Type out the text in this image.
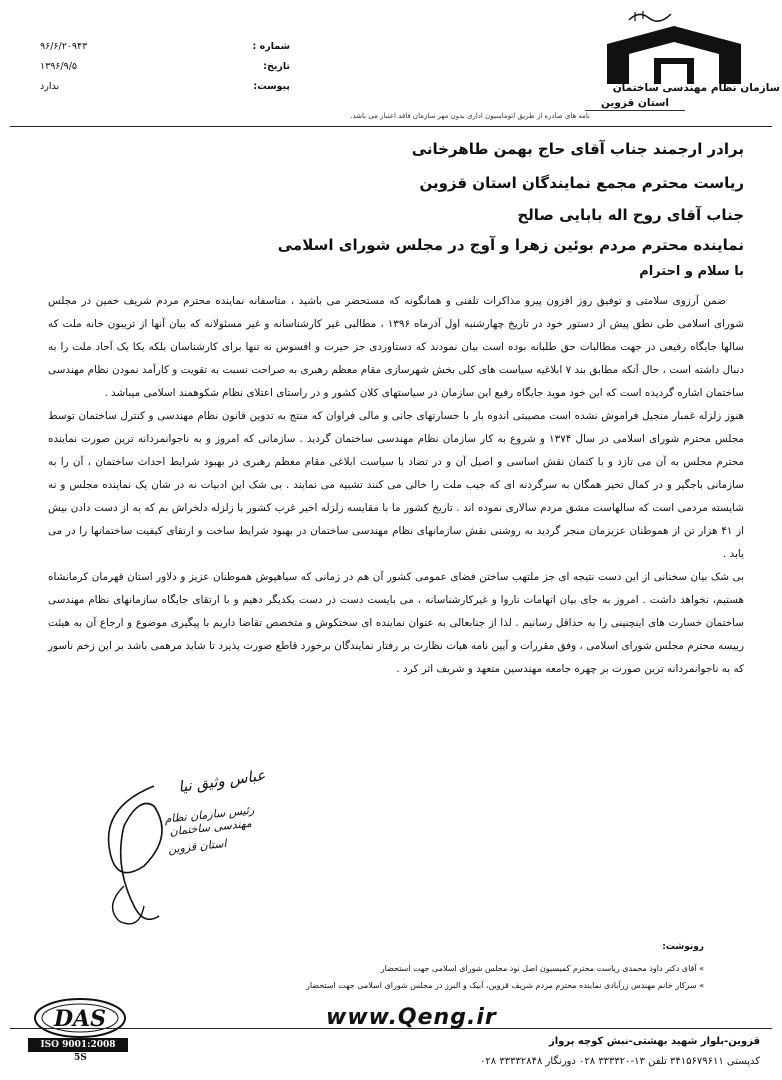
سازمان نظام مهندسی ساختمان
استان قزوین
شماره :
۹۶/۶/۲۰۹۴۳
تاریخ:
۱۳۹۶/۹/۵
پیوست:
ندارد
نامه های صادره از طریق اتوماسیون اداری بدون مهر سازمان فاقد اعتبار می باشد.
برادر ارجمند جناب آقای حاج بهمن طاهرخانی
ریاست محترم مجمع نمایندگان استان قزوین
جناب آقای روح اله بابایی صالح
نماینده محترم مردم بوئین زهرا و آوج در مجلس شورای اسلامی
با سلام و احترام

ضمن آرزوی سلامتی و توفیق روز افزون پیرو مذاکرات تلفنی و همانگونه که مستحضر می باشید ، متاسفانه نماینده محترم مردم شریف خمین در مجلس شورای اسلامی طی نطق پیش از دستور خود در تاریخ چهارشنبه اول آذرماه ۱۳۹۶ ، مطالبی غیر کارشناسانه و غیر مسئولانه که بیان آنها از تریبون خانه ملت که سالها جایگاه رفیعی در جهت مطالبات حق طلبانه بوده است بیان نمودند که دستاوردی جز حیرت و افسوس نه تنها برای کارشناسان بلکه یکا یک آحاد ملت را به دنبال داشته است ، حال آنکه مطابق بند ۷ ابلاغیه سیاست های کلی بخش شهرسازی مقام معظم رهبری به صراحت نسبت به تقویت و کارآمد نمودن نظام مهندسی ساختمان اشاره گردیده است که این خود موید جایگاه رفیع این سازمان در سیاستهای کلان کشور و در راستای اعتلای نظام شکوهمند اسلامی میباشد .

هنوز زلزله غمبار منجیل فراموش نشده است مصیبتی اندوه بار با خسارتهای جانی و مالی فراوان که منتج به تدوین قانون نظام مهندسی و کنترل ساختمان توسط مجلس محترم شورای اسلامی در سال ۱۳۷۴ و شروع به کار سازمان نظام مهندسی ساختمان گردید . سازمانی که امروز و به ناجوانمردانه ترین صورت نماینده محترم مجلس به آن می تازد و با کتمان نقش اساسی و اصیل آن و در تضاد با سیاست ابلاغی مقام معظم رهبری در بهبود شرایط احداث ساختمان ، آن را به سازمانی باجگیر و در کمال تحیر همگان به سرگردنه ای که جیب ملت را خالی می کنند تشبیه می نمایند . بی شک این ادبیات نه در شان یک نماینده مجلس و نه شایسته مردمی است که سالهاست مشق مردم سالاری نموده اند . تاریخ کشور ما با مقایسه زلزله اخیر غرب کشور با زلزله دلخراش بم که به از دست دادن بیش از ۴۱ هزار تن از هموطنان عزیزمان منجر گردید به روشنی نقش سازمانهای نظام مهندسی ساختمان در بهبود شرایط ساخت و ارتقای کیفیت ساختمانها را در می یابد .

بی شک بیان سخنانی از این دست نتیجه ای جز ملتهب ساختن فضای عمومی کشور آن هم در زمانی که سیاهپوش هموطنان عزیز و دلاور استان قهرمان کرمانشاه هستیم، نخواهد داشت . امروز به جای بیان اتهامات ناروا و غیرکارشناسانه ، می بایست دست در دست یکدیگر دهیم و با ارتقای جایگاه سازمانهای نظام مهندسی ساختمان خسارت های اینچنینی را به حداقل رسانیم . لذا از جنابعالی به عنوان نماینده ای سختکوش و متخصص تقاضا داریم با پیگیری موضوع و ارجاع آن به هیئت رییسه محترم مجلس شورای اسلامی ، وفق مقررات و آیین نامه هیات نظارت بر رفتار نمایندگان برخورد قاطع صورت پذیرد تا شاید مرهمی باشد بر این زخم ناسور که به ناجوانمردانه ترین صورت بر چهره جامعه مهندسین متعهد و شریف اثر کرد .

عباس وثیق نیا
رئیس سازمان نظام مهندسی ساختمان
استان قزوین
رونوشت:
» آقای دکتر داود محمدی ریاست محترم کمیسیون اصل نود مجلس شورای اسلامی جهت استحضار
» سرکار خانم مهندس زرآبادی نماینده محترم مردم شریف قزوین، آبیک و البرز در مجلس شورای اسلامی جهت استحضار
DAS
ISO 9001:2008
5S
www.Qeng.ir
قزوین-بلوار شهید بهشتی-نبش کوچه پرواز
کدپستی ۳۴۱۵۶۷۹۶۱۱ تلفن ۱۳-۳۳۳۳۲۰ ۰۲۸ دورنگار ۳۳۳۳۲۸۴۸ ۰۲۸
